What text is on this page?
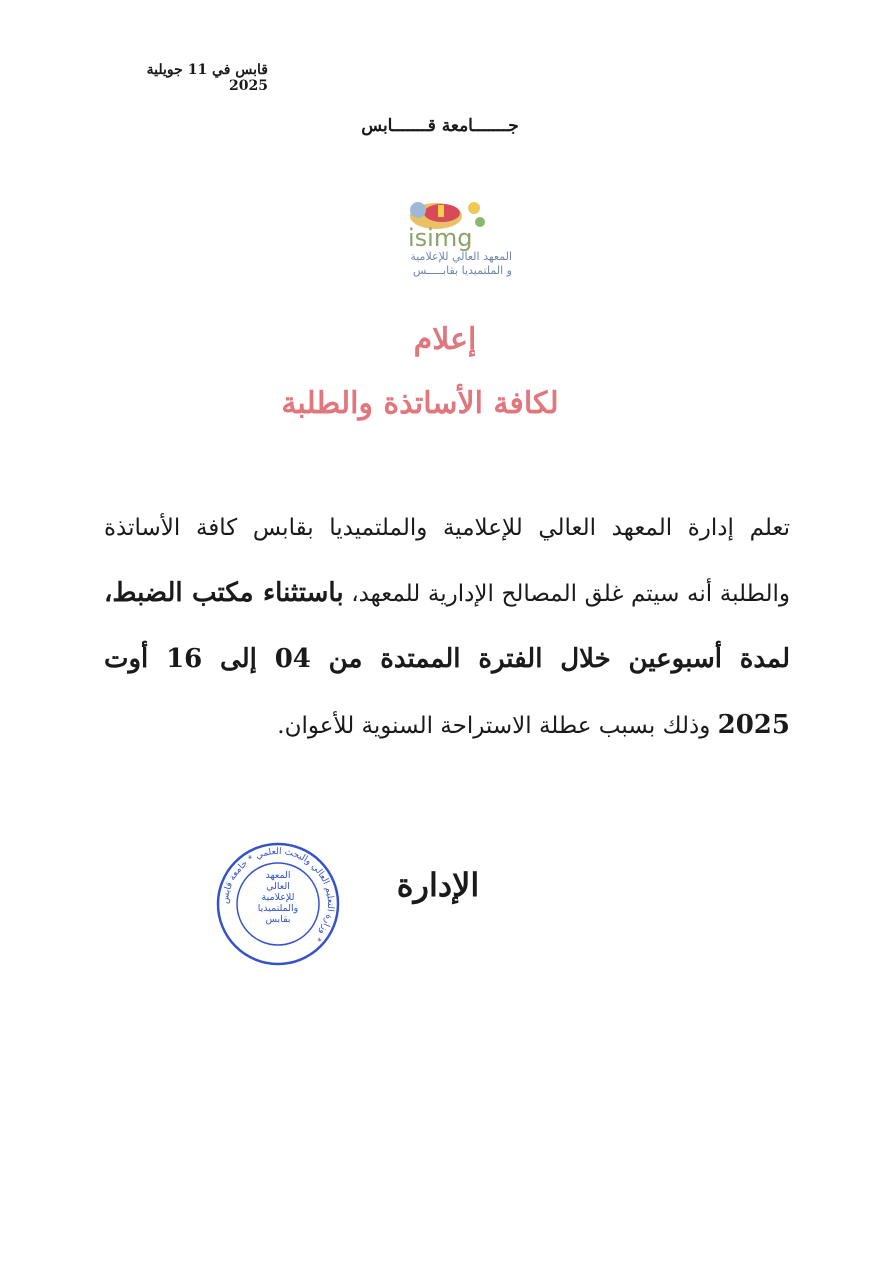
قابس في 11 جويلية 2025
جـــــــامعة قـــــــابس
isimg
المعهد العالي للإعلامية
و الملتميديا بقابـــــس
إعلام
لكافة الأساتذة والطلبة
تعلم إدارة المعهد العالي للإعلامية والملتميديا بقابس كافة الأساتذة والطلبة أنه سيتم غلق المصالح الإدارية للمعهد، باستثناء مكتب الضبط، لمدة أسبوعين خلال الفترة الممتدة من 04 إلى 16 أوت 2025 وذلك بسبب عطلة الاستراحة السنوية للأعوان.
الإدارة
وزارة التعليم العالي والبحث العلمي * جامعة قابس *
المعهد
العالي
للإعلامية
والملتميديا
بقابس
